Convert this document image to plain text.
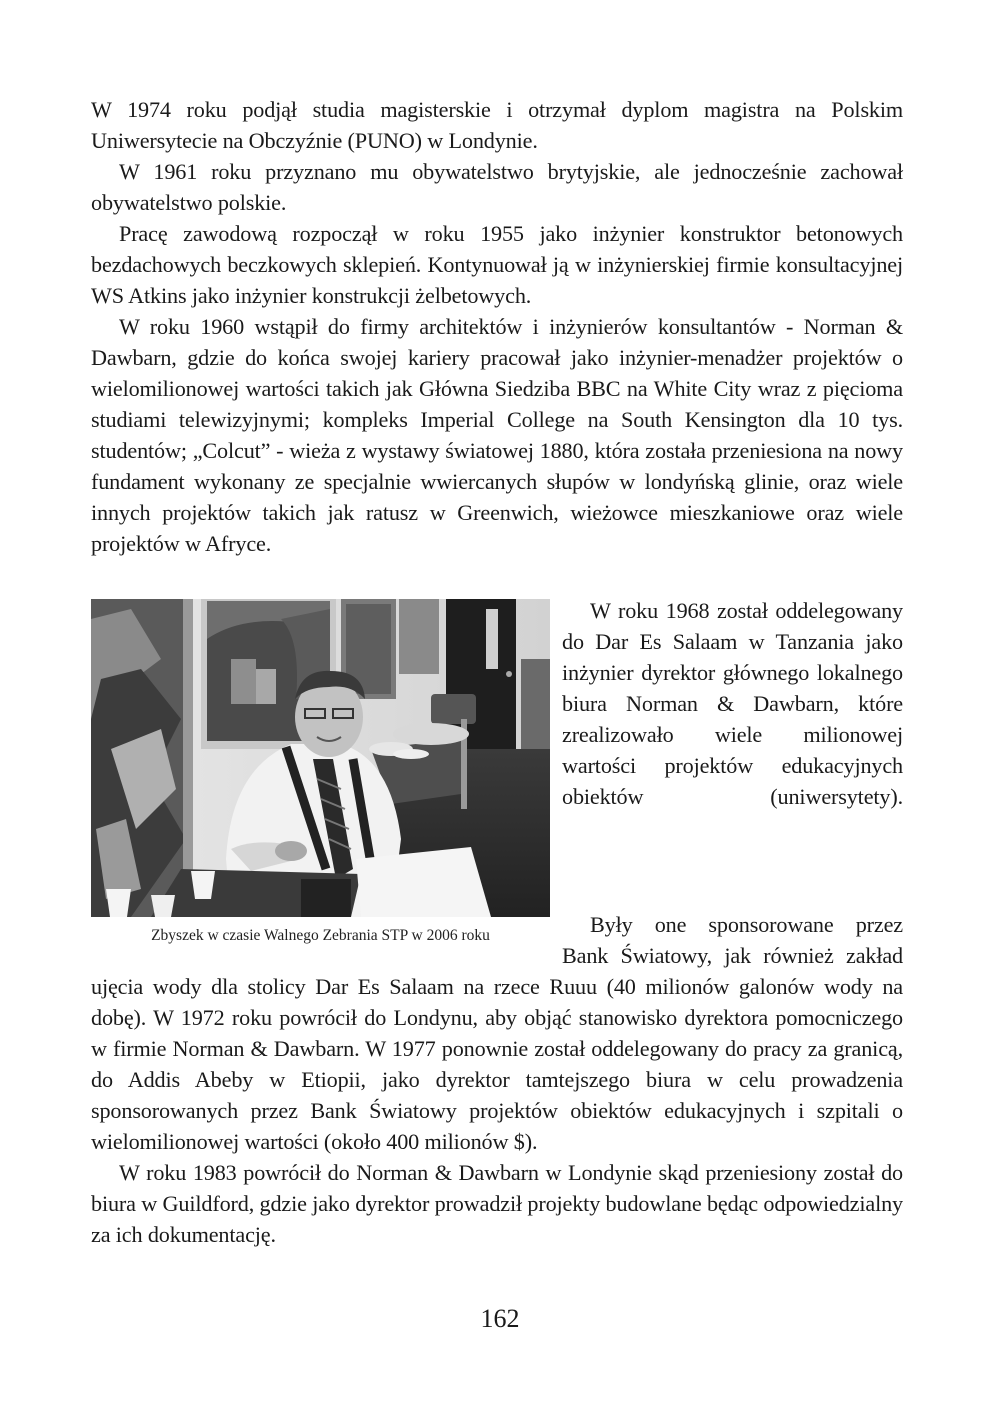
W 1974 roku podjął studia magisterskie i otrzymał dyplom magistra na Polskim Uniwersytecie na Obczyźnie (PUNO) w Londynie.

W 1961 roku przyznano mu obywatelstwo brytyjskie, ale jednocześnie zachował obywatelstwo polskie.

Pracę zawodową rozpoczął w roku 1955 jako inżynier konstruktor betonowych bezdachowych beczkowych sklepień. Kontynuował ją w inżynierskiej firmie konsultacyjnej WS Atkins jako inżynier konstrukcji żelbetowych.

W roku 1960 wstąpił do firmy architektów i inżynierów konsultantów - Norman & Dawbarn, gdzie do końca swojej kariery pracował jako inżynier-menadżer projektów o wielomilionowej wartości takich jak Główna Siedziba BBC na White City wraz z pięcioma studiami telewizyjnymi; kompleks Imperial College na South Kensington dla 10 tys. studentów; „Colcut” - wieża z wystawy światowej 1880, która została przeniesiona na nowy fundament wykonany ze specjalnie wwiercanych słupów w londyńską glinie, oraz wiele innych projektów takich jak ratusz w Greenwich, wieżowce mieszkaniowe oraz wiele projektów w Afryce.

Zbyszek w czasie Walnego Zebrania STP w 2006 roku

W roku 1968 został oddelegowany do Dar Es Salaam w Tanzania jako inżynier dyrektor głównego lokalnego biura Norman & Dawbarn, które zrealizowało wiele milionowej wartości projektów edukacyjnych obiektów (uniwersytety).

Były one sponsorowane przez Bank Światowy, jak również zakład ujęcia wody dla stolicy Dar Es Salaam na rzece Ruuu (40 milionów galonów wody na dobę). W 1972 roku powrócił do Londynu, aby objąć stanowisko dyrektora pomocniczego w firmie Norman & Dawbarn. W 1977 ponownie został oddelegowany do pracy za granicą, do Addis Abeby w Etiopii, jako dyrektor tamtejszego biura w celu prowadzenia sponsorowanych przez Bank Światowy projektów obiektów edukacyjnych i szpitali o wielomilionowej wartości (około 400 milionów $).

W roku 1983 powrócił do Norman & Dawbarn w Londynie skąd przeniesiony został do biura w Guildford, gdzie jako dyrektor prowadził projekty budowlane będąc odpowiedzialny za ich dokumentację.

162
